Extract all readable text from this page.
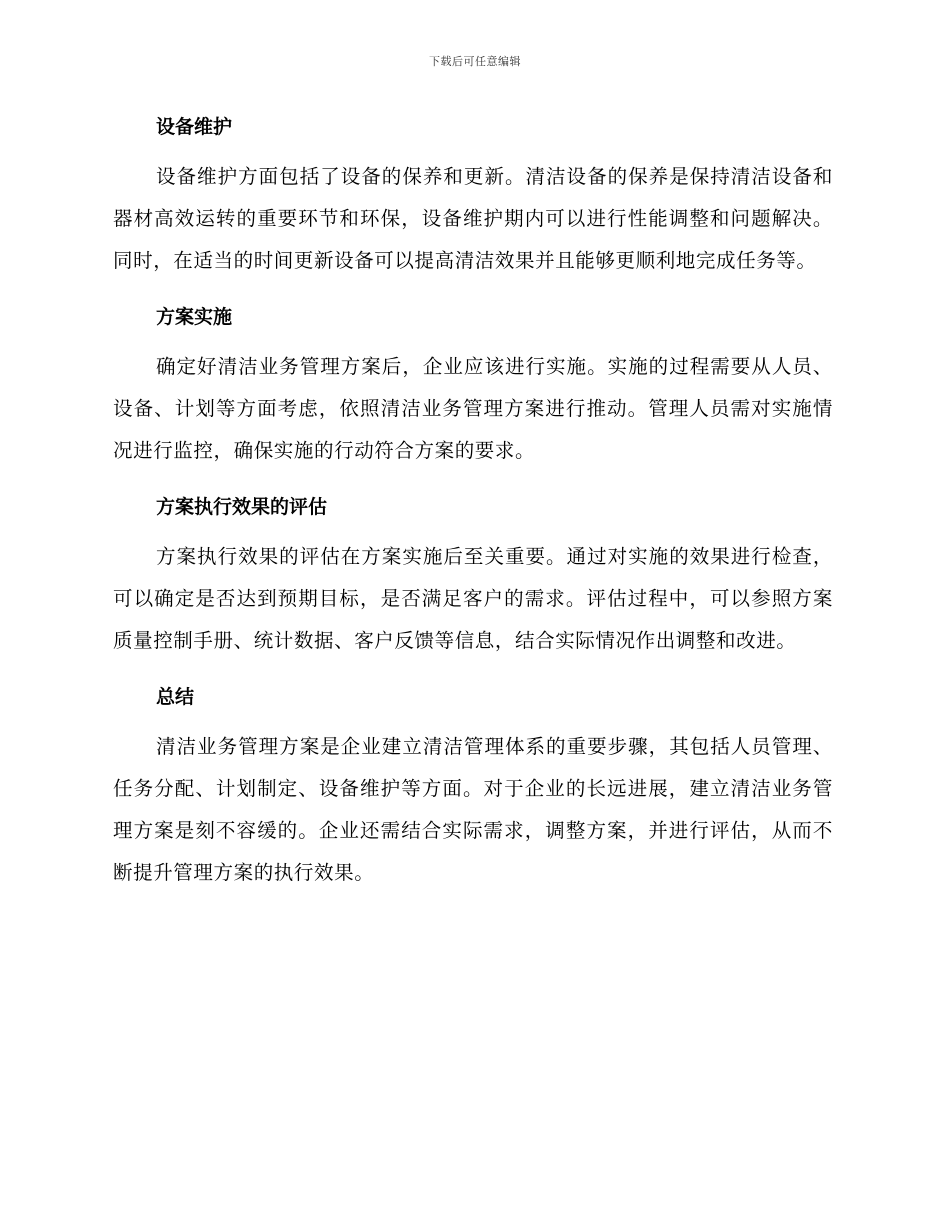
下载后可任意编辑
设备维护

设备维护方面包括了设备的保养和更新。清洁设备的保养是保持清洁设备和器材高效运转的重要环节和环保，设备维护期内可以进行性能调整和问题解决。同时，在适当的时间更新设备可以提高清洁效果并且能够更顺利地完成任务等。

方案实施

确定好清洁业务管理方案后，企业应该进行实施。实施的过程需要从人员、设备、计划等方面考虑，依照清洁业务管理方案进行推动。管理人员需对实施情况进行监控，确保实施的行动符合方案的要求。

方案执行效果的评估

方案执行效果的评估在方案实施后至关重要。通过对实施的效果进行检查，可以确定是否达到预期目标，是否满足客户的需求。评估过程中，可以参照方案质量控制手册、统计数据、客户反馈等信息，结合实际情况作出调整和改进。

总结

清洁业务管理方案是企业建立清洁管理体系的重要步骤，其包括人员管理、任务分配、计划制定、设备维护等方面。对于企业的长远进展，建立清洁业务管理方案是刻不容缓的。企业还需结合实际需求，调整方案，并进行评估，从而不断提升管理方案的执行效果。
